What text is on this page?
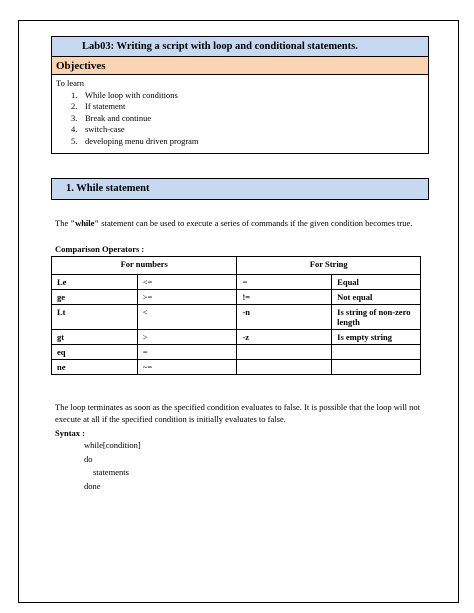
Lab03: Writing a script with loop and conditional statements.
Objectives
To learn
1. While loop with conditions
2. If statement
3. Break and continue
4. switch-case
5. developing menu driven program
1. While statement
The "while" statement can be used to execute a series of commands if the given condition becomes true.
Comparison Operators :
For numbers		For String	
Le	<=	=	Equal
ge	>=	!=	Not equal
Lt	<	-n	Is string of non-zero length
gt	>	-z	Is empty string
eq	=		
ne	~=		
The loop terminates as soon as the specified condition evaluates to false. It is possible that the loop will not execute at all if the specified condition is initially evaluates to false.
Syntax :
while[condition]
do
statements
done
